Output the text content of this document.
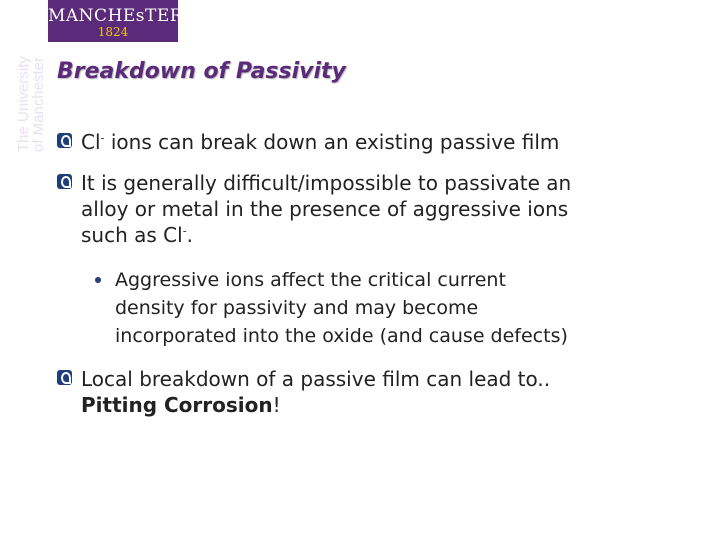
MANCHEsTER
1824
The University
of Manchester Breakdown of Passivity
Cl- ions can break down an existing passive film
It is generally difficult/impossible to passivate an
alloy or metal in the presence of aggressive ions
such as Cl-.
Aggressive ions affect the critical current
density for passivity and may become
incorporated into the oxide (and cause defects)
Local breakdown of a passive film can lead to..
Pitting Corrosion!
